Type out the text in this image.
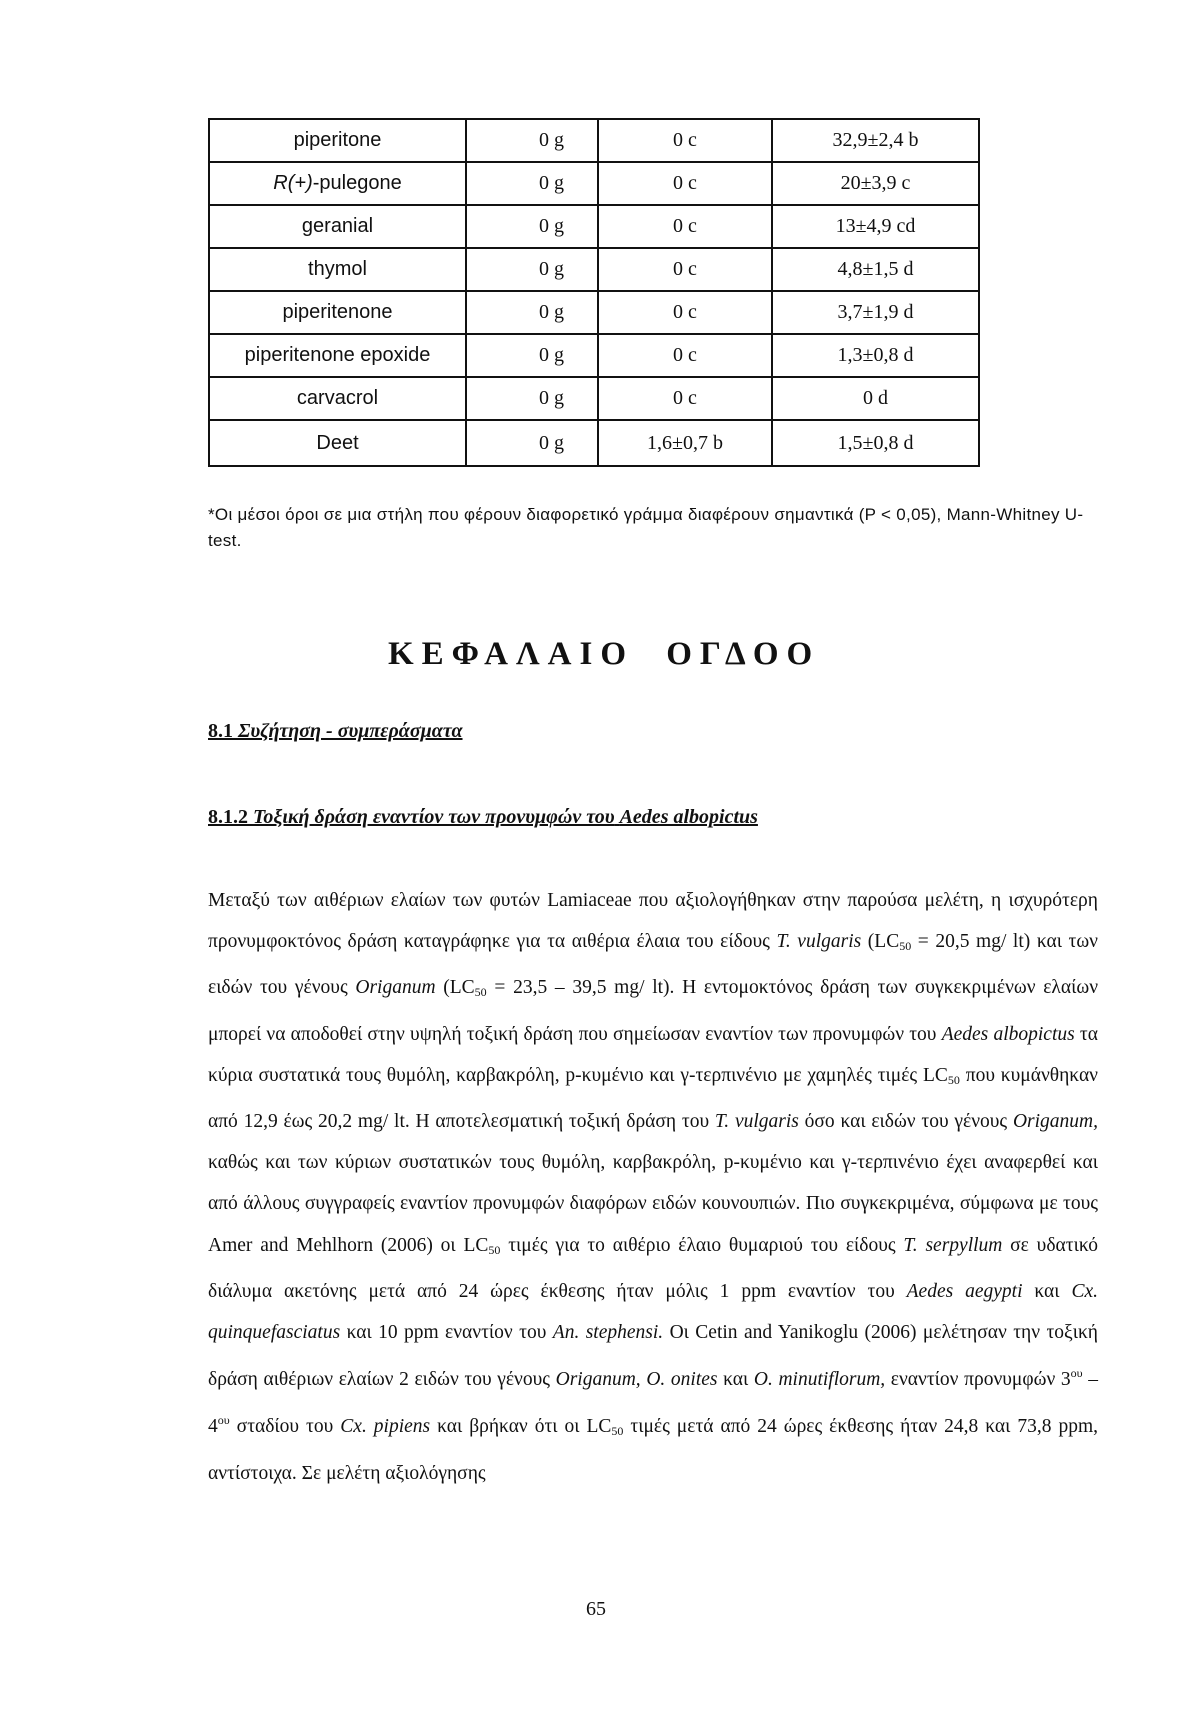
piperitone	0 g	0 c	32,9±2,4 b
R(+)-pulegone	0 g	0 c	20±3,9 c
geranial	0 g	0 c	13±4,9 cd
thymol	0 g	0 c	4,8±1,5 d
piperitenone	0 g	0 c	3,7±1,9 d
piperitenone epoxide	0 g	0 c	1,3±0,8 d
carvacrol	0 g	0 c	0 d
Deet	0 g	1,6±0,7 b	1,5±0,8 d
*Οι μέσοι όροι σε μια στήλη που φέρουν διαφορετικό γράμμα διαφέρουν σημαντικά (P < 0,05), Mann-Whitney U-test.
ΚΕΦΑΛΑΙΟ ΟΓΔΟΟ
8.1 Συζήτηση - συμπεράσματα
8.1.2 Τοξική δράση εναντίον των προνυμφών του Aedes albopictus

Μεταξύ των αιθέριων ελαίων των φυτών Lamiaceae που αξιολογήθηκαν στην παρούσα μελέτη, η ισχυρότερη προνυμφοκτόνος δράση καταγράφηκε για τα αιθέρια έλαια του είδους T. vulgaris ($LC_{50} = 20,5$ mg/ lt) και των ειδών του γένους Origanum ($LC_{50} = 23,5 - 39,5$ mg/ lt). Η εντομοκτόνος δράση των συγκεκριμένων ελαίων μπορεί να αποδοθεί στην υψηλή τοξική δράση που σημείωσαν εναντίον των προνυμφών του Aedes albopictus τα κύρια συστατικά τους θυμόλη, καρβακρόλη, p-κυμένιο και γ-τερπινένιο με χαμηλές τιμές $LC_{50}$ που κυμάνθηκαν από 12,9 έως 20,2 mg/ lt. Η αποτελεσματική τοξική δράση του T. vulgaris όσο και ειδών του γένους Origanum, καθώς και των κύριων συστατικών τους θυμόλη, καρβακρόλη, p-κυμένιο και γ-τερπινένιο έχει αναφερθεί και από άλλους συγγραφείς εναντίον προνυμφών διαφόρων ειδών κουνουπιών. Πιο συγκεκριμένα, σύμφωνα με τους Amer and Mehlhorn (2006) οι $LC_{50}$ τιμές για το αιθέριο έλαιο θυμαριού του είδους T. serpyllum σε υδατικό διάλυμα ακετόνης μετά από 24 ώρες έκθεσης ήταν μόλις 1 ppm εναντίον του Aedes aegypti και Cx. quinquefasciatus και 10 ppm εναντίον του An. stephensi. Οι Cetin and Yanikoglu (2006) μελέτησαν την τοξική δράση αιθέριων ελαίων 2 ειδών του γένους Origanum, O. onites και O. minutiflorum, εναντίον προνυμφών $3^{o\upsilon} - 4^{o\upsilon}$ σταδίου του Cx. pipiens και βρήκαν ότι οι $LC_{50}$ τιμές μετά από 24 ώρες έκθεσης ήταν 24,8 και 73,8 ppm, αντίστοιχα. Σε μελέτη αξιολόγησης

65
